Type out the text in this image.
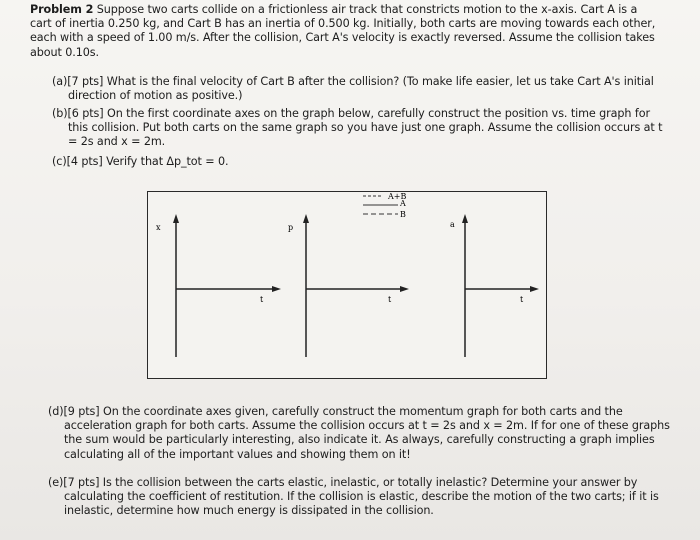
Problem 2 Suppose two carts collide on a frictionless air track that constricts motion to the x-axis. Cart A is a
cart of inertia 0.250 kg, and Cart B has an inertia of 0.500 kg. Initially, both carts are moving towards each other,
each with a speed of 1.00 m/s. After the collision, Cart A's velocity is exactly reversed. Assume the collision takes
about 0.10s.
(a)[7 pts] What is the final velocity of Cart B after the collision? (To make life easier, let us take Cart A's initial direction of motion as positive.)
(b)[6 pts] On the first coordinate axes on the graph below, carefully construct the position vs. time graph for this collision. Put both carts on the same graph so you have just one graph. Assume the collision occurs at t = 2s and x = 2m.
(c)[4 pts] Verify that Δp_tot = 0.
A+B
A
B
x
t
p
t
a
t
(d)[9 pts] On the coordinate axes given, carefully construct the momentum graph for both carts and the acceleration graph for both carts. Assume the collision occurs at t = 2s and x = 2m. If for one of these graphs the sum would be particularly interesting, also indicate it. As always, carefully constructing a graph implies calculating all of the important values and showing them on it!
(e)[7 pts] Is the collision between the carts elastic, inelastic, or totally inelastic? Determine your answer by calculating the coefficient of restitution. If the collision is elastic, describe the motion of the two carts; if it is inelastic, determine how much energy is dissipated in the collision.
